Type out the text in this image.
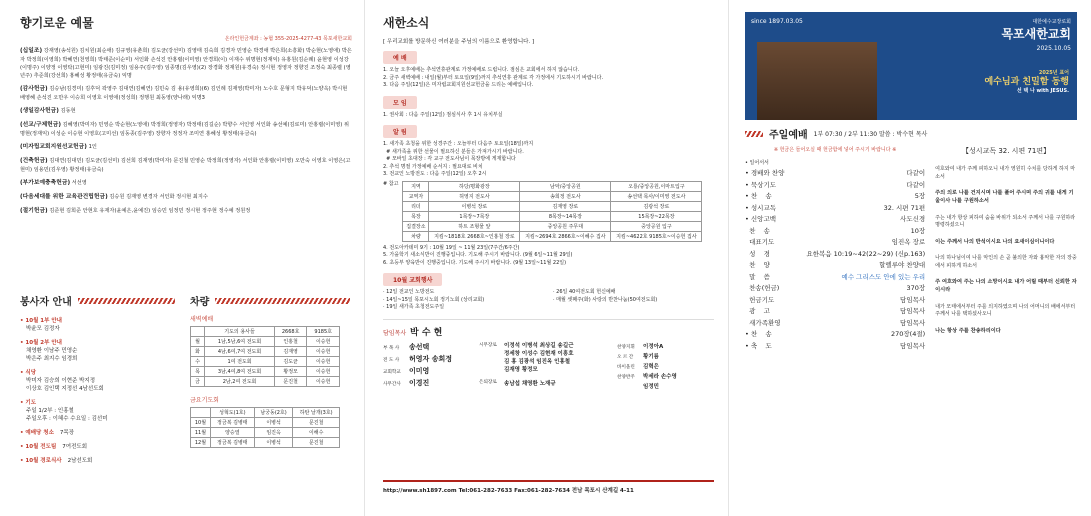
향기로운 예물
온라인헌금계좌 : 농협 355-2025-4277-43 목포새한교회
(십일조) 강재영(송석원) 김치원(최순애) 김규영(유춘희) 김도균(강선미) 김영태 김숙희 김경자 민영순 박경애 박은희(소흥화) 박순현(노영애) 박은자 박정희(이영희) 박혜연(천영희) 박태준(이순미) 서인화 손석진 안홍렬(이미영) 안경희(이) 이재수 위명현(정재익) 유홍원(김순례) 윤현영 이성강(이명주) 이양정 이영탁(고현미) 임광진(김미정) 임용주(김주영) 임종명(김우영)(2) 장경화 정재원(유경숙) 정시현 정영자 정향진 조정숙 최종렬 (영년주) 추준희(강선희) 홍혜성 황정태(유금숙) 익명
(감사헌금) 김승남(김경미) 김후덕 곽영주 김대연(김혜연) 김민숙 김 용(유영희)(6) 김인례 김재영(박미자) 노수호 문형지 박유덕(노양옥) 박시현 배영혜 손석진 오만우 이승희 이영호 이영애(정성희) 정행원 최동영(양나래) 익명3
(생일감사헌금) 김동현
(선교/구제헌금) 김혜영(박미자) 민영순 박순현(노영애) 박정희(정영자) 박정태(김길순) 박향수 서인영 서인화 송선예(김로미) 안홍렬(이미영) 위명현(정재익) 이성순 이승현 이영호(고미선) 임동종(김주영) 장향자 정정자 조미연 홍혜성 황정태(유금숙)
(미자립교회지원선교헌금) 1인
(건축헌금) 김대연(김대민) 김도균(김선미) 김선희 김재영(박미자) 문진철 민영순 박정희(정영자) 서인화 안홍렬(이미영) 오만숙 이영호 이영은(고현미) 임용민(김우영) 황정태(유금숙)
(부가보예충축헌금) 서선영
(다음세대를 위한 교육관건립헌금) 김승원 김재영 변경자 서인화 정시현 최지수
(절기헌금) 김준현 김희준 안현호 유재자(윤예은,윤예진) 임승민 임정민 정시현 정주현 정수예 정원정
봉사자 안내
• 10월 1부 안내
박윤모 김정자
• 10월 2부 안내
채영환 이남주 민영순
박은주 최지수 임경희
• 식당
박미자 김승희 이현준 박지정
이상호 김인택 지정선 4남선도회
• 기도
주일 1/2부 : 인홍철
주일오후 : 이혜수 수요일 : 김선미
• 예배당 청소 7목장
• 10월 전도팀 7여전도회
• 10월 경로식사 2남선도회
차량
새벽예배
	기도의 용사들	2668호	9185호
월	1남,5남,6여 전도회	인홍철	이승헌
화	4남,6여,7여 전도회	김재영	이승헌
수	1여 전도회	김도균	이승헌
목	3남,4여,8여 전도회	황정모	이승헌
금	2남,2여 전도회	문진철	이승헌
금요기도회
	성혁도(1호)	남궁동(2호)	하탄 날개(3호)
10월	정금복 김병태	이병석	문진철
11월	양승열	임진옥	이해수
12월	정금복 김병태	이병석	문진철
새한소식
[ 우리교회를 방문하신 여러분을 주님의 이름으로 환영합니다. ]
예 배
1. 오늘 오후예배는 추석연휴관계로 가정예배로 드립니다. 점심은 교회에서 하지 않습니다.
2. 금주 새벽예배 : 내일(월)부터 토요일(9일)까지 추석연휴 관계로 각 가정에서 기도하시기 바랍니다.
3. 다음 주일(12일)은 미자립교회지원선교헌금을 드리는 예배입니다.
모 임
1. 권사회 : 다음 주일(12일) 점심식사 후 1시 유치부실
알 림
1. 새가족 초청을 위한 성경주간 : 오늘부터 다음주 토요일(18일)까지
# 새가족을 위한 선물이 필요하신 분들은 가져가시기 바랍니다.
# 모바일 초대장 : 각 교구 전도사님이 목장방에 게재합니다
2. 추석 명절 가정예배 순서지 : 필요대로 비치
3. 전교인 노방전도 : 다음 주일(12일) 오후 2시
# 참고	지역	하당/평화광장	남악/중앙공원	오룡/중앙공원,이마트입구
교역자	허영지 전도사	송희정 전도사	송선택 목사/이미영 전도사
리더	이병석 장로	김재영 장로	김광석 장로
목장	1목장~7목장	8목장~14목장	15목장~22목장
집결장소	하트 조형물 앞	중앙공원 주무대	중앙공원 입구
차량	지킴~1818호 2668호~인홍철 장로	지킴~2694호 2866호~이혜수 집사	지킴~4622호 9185호~이승헌 집사
4. 전도아카데미 9기 : 10월 19일 ~ 11월 23일(7주간/6주간)
5. 가을학기 새소식반이 진행중입니다. 기도해 주시기 바랍니다. (9월 6일~11월 29일)
6. 초등부 양육반이 진행중입니다. 기도해 주시기 바랍니다. (9월 13일~11월 22일)
10월 교회행사
· 12일 전교인 노방전도
· 14일~15일 목포시노회 정기노회 (상리교회)
· 19일 새가족 초청전도주일
· 26일 40여전도회 헌신예배
· 매월 셋째주(화) 사랑의 반찬나눔(50여전도회)
담임목사 박 수 현
부 목 사	송선택
전 도 사	허영자 송희정
교회학교	이미영
사무간사	이경진
시무장로	이정석 이병석 최상길 송길근
정세창 이성수 김현재 이흥호
김 홍 김광석 임진옥 인홍철
김재영 황정모
은퇴장로	송남섭 채영환 노재규
찬양지휘	이정아A
오 르 간	황기름
바이올린	김혁은
찬양반주	박세라 손수영
임정민
http://www.sh1897.com Tel:061-282-7633 Fax:061-282-7634 전남 목포시 산계길 4-11
since 1897.03.05	대한예수교장로회
목포새한교회
2025.10.05
2025년 표어
예수님과 친밀함 동행
선 택 나 with JESUS.
주일예배 1부 07:30 / 2부 11:30 말씀 : 박수현 목사
※ 헌금은 들어오실 때 헌금함에 넣어 주시기 바랍니다 ※
• 일어서서
• 경배와 찬양	다같이
• 묵상기도	다같이
• 찬    송	5장
• 성시교독	32. 시편 71편
• 신앙고백	사도신경
찬    송	10장
대표기도	임진옥 장로
성    경	요한복음 10:19~42(22~29) (신p.163)
찬    양	할렐루야 찬양대
말    씀	예수 그리스도 안에 있는 우리
찬송(헌금)	370장
헌금기도	담임목사
광    고	담임목사
새가족환영	담임목사
• 찬    송	270장(4절)
• 축    도	담임목사
【성시교독 32. 시편 71편】
여호와여 내가 주께 피하오니 내가 영원히 수치를 당하게 하지 마소서
주의 의로 나를 건지시며 나를 풀어 주시며 주의 귀를 내게 기울이사 나를 구원하소서
주는 내가 항상 피하여 숨을 바위가 되소서 주께서 나를 구원하라 명령하셨으니
이는 주께서 나의 반석이시요 나의 요새이심이니이다
나의 하나님이여 나를 악인의 손 곧 불의한 자와 흉악한 자의 장중에서 피하게 하소서
주 여호와여 주는 나의 소망이시요 내가 어릴 때부터 신뢰한 자이시라
내가 모태에서부터 주를 의지하였으며 나의 어머니의 배에서부터 주께서 나를 택하셨사오니
나는 항상 주를 찬송하리이다
